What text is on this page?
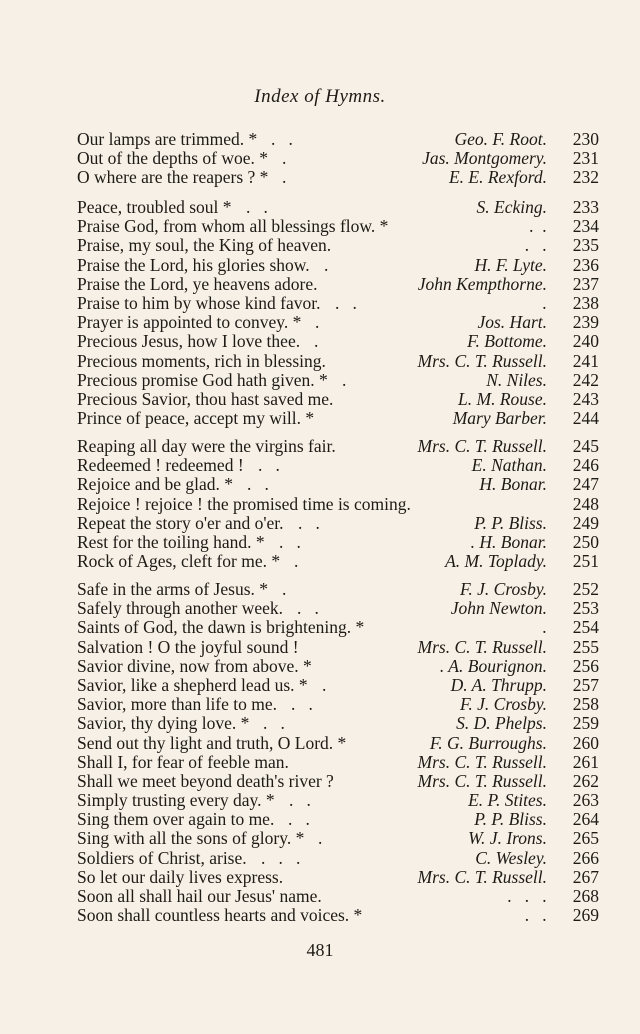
Index of Hymns.
Our lamps are trimmed. * .   .	Geo. F. Root.	230
Out of the depths of woe. * .	Jas. Montgomery.	231
O where are the reapers ? * .	E. E. Rexford.	232
Peace, troubled soul * .   .	S. Ecking.	233
Praise God, from whom all blessings flow. *	.  .	234
Praise, my soul, the King of heaven.	.   .	235
Praise the Lord, his glories show. .	H. F. Lyte.	236
Praise the Lord, ye heavens adore.	John Kempthorne.	237
Praise to him by whose kind favor. .   .	.	238
Prayer is appointed to convey. * .	Jos. Hart.	239
Precious Jesus, how I love thee. .	F. Bottome.	240
Precious moments, rich in blessing.	Mrs. C. T. Russell.	241
Precious promise God hath given. * .	N. Niles.	242
Precious Savior, thou hast saved me.	L. M. Rouse.	243
Prince of peace, accept my will. *	Mary Barber.	244
Reaping all day were the virgins fair.	Mrs. C. T. Russell.	245
Redeemed ! redeemed ! .   .	E. Nathan.	246
Rejoice and be glad. * .   .	H. Bonar.	247
Rejoice ! rejoice ! the promised time is coming.	248
Repeat the story o'er and o'er. .   .	P. P. Bliss.	249
Rest for the toiling hand. * .   .	. H. Bonar.	250
Rock of Ages, cleft for me. * .	A. M. Toplady.	251
Safe in the arms of Jesus. * .	F. J. Crosby.	252
Safely through another week. .   .	John Newton.	253
Saints of God, the dawn is brightening. *	.	254
Salvation ! O the joyful sound !	Mrs. C. T. Russell.	255
Savior divine, now from above. *	. A. Bourignon.	256
Savior, like a shepherd lead us. * .	D. A. Thrupp.	257
Savior, more than life to me. .   .	F. J. Crosby.	258
Savior, thy dying love. * .   .	S. D. Phelps.	259
Send out thy light and truth, O Lord. *	F. G. Burroughs.	260
Shall I, for fear of feeble man.	Mrs. C. T. Russell.	261
Shall we meet beyond death's river ?	Mrs. C. T. Russell.	262
Simply trusting every day. * .   .	E. P. Stites.	263
Sing them over again to me. .   .	P. P. Bliss.	264
Sing with all the sons of glory. * .	W. J. Irons.	265
Soldiers of Christ, arise. .   .   .	C. Wesley.	266
So let our daily lives express.	Mrs. C. T. Russell.	267
Soon all shall hail our Jesus' name.	.   .   .	268
Soon shall countless hearts and voices. *	.   .	269
481
